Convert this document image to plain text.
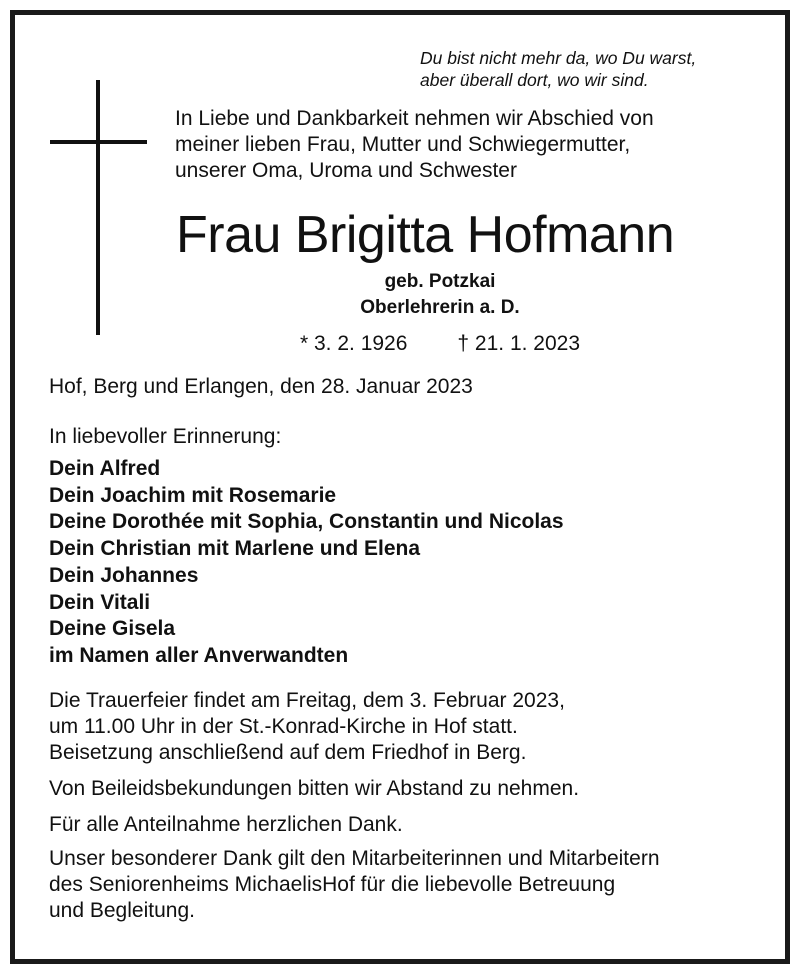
Du bist nicht mehr da, wo Du warst,
aber überall dort, wo wir sind.
In Liebe und Dankbarkeit nehmen wir Abschied von
meiner lieben Frau, Mutter und Schwiegermutter,
unserer Oma, Uroma und Schwester
Frau Brigitta Hofmann
geb. Potzkai
Oberlehrerin a. D.
* 3. 2. 1926 † 21. 1. 2023
Hof, Berg und Erlangen, den 28. Januar 2023
In liebevoller Erinnerung:
Dein Alfred
Dein Joachim mit Rosemarie
Deine Dorothée mit Sophia, Constantin und Nicolas
Dein Christian mit Marlene und Elena
Dein Johannes
Dein Vitali
Deine Gisela
im Namen aller Anverwandten
Die Trauerfeier findet am Freitag, dem 3. Februar 2023,
um 11.00 Uhr in der St.-Konrad-Kirche in Hof statt.
Beisetzung anschließend auf dem Friedhof in Berg.
Von Beileidsbekundungen bitten wir Abstand zu nehmen.
Für alle Anteilnahme herzlichen Dank.
Unser besonderer Dank gilt den Mitarbeiterinnen und Mitarbeitern
des Seniorenheims MichaelisHof für die liebevolle Betreuung
und Begleitung.
